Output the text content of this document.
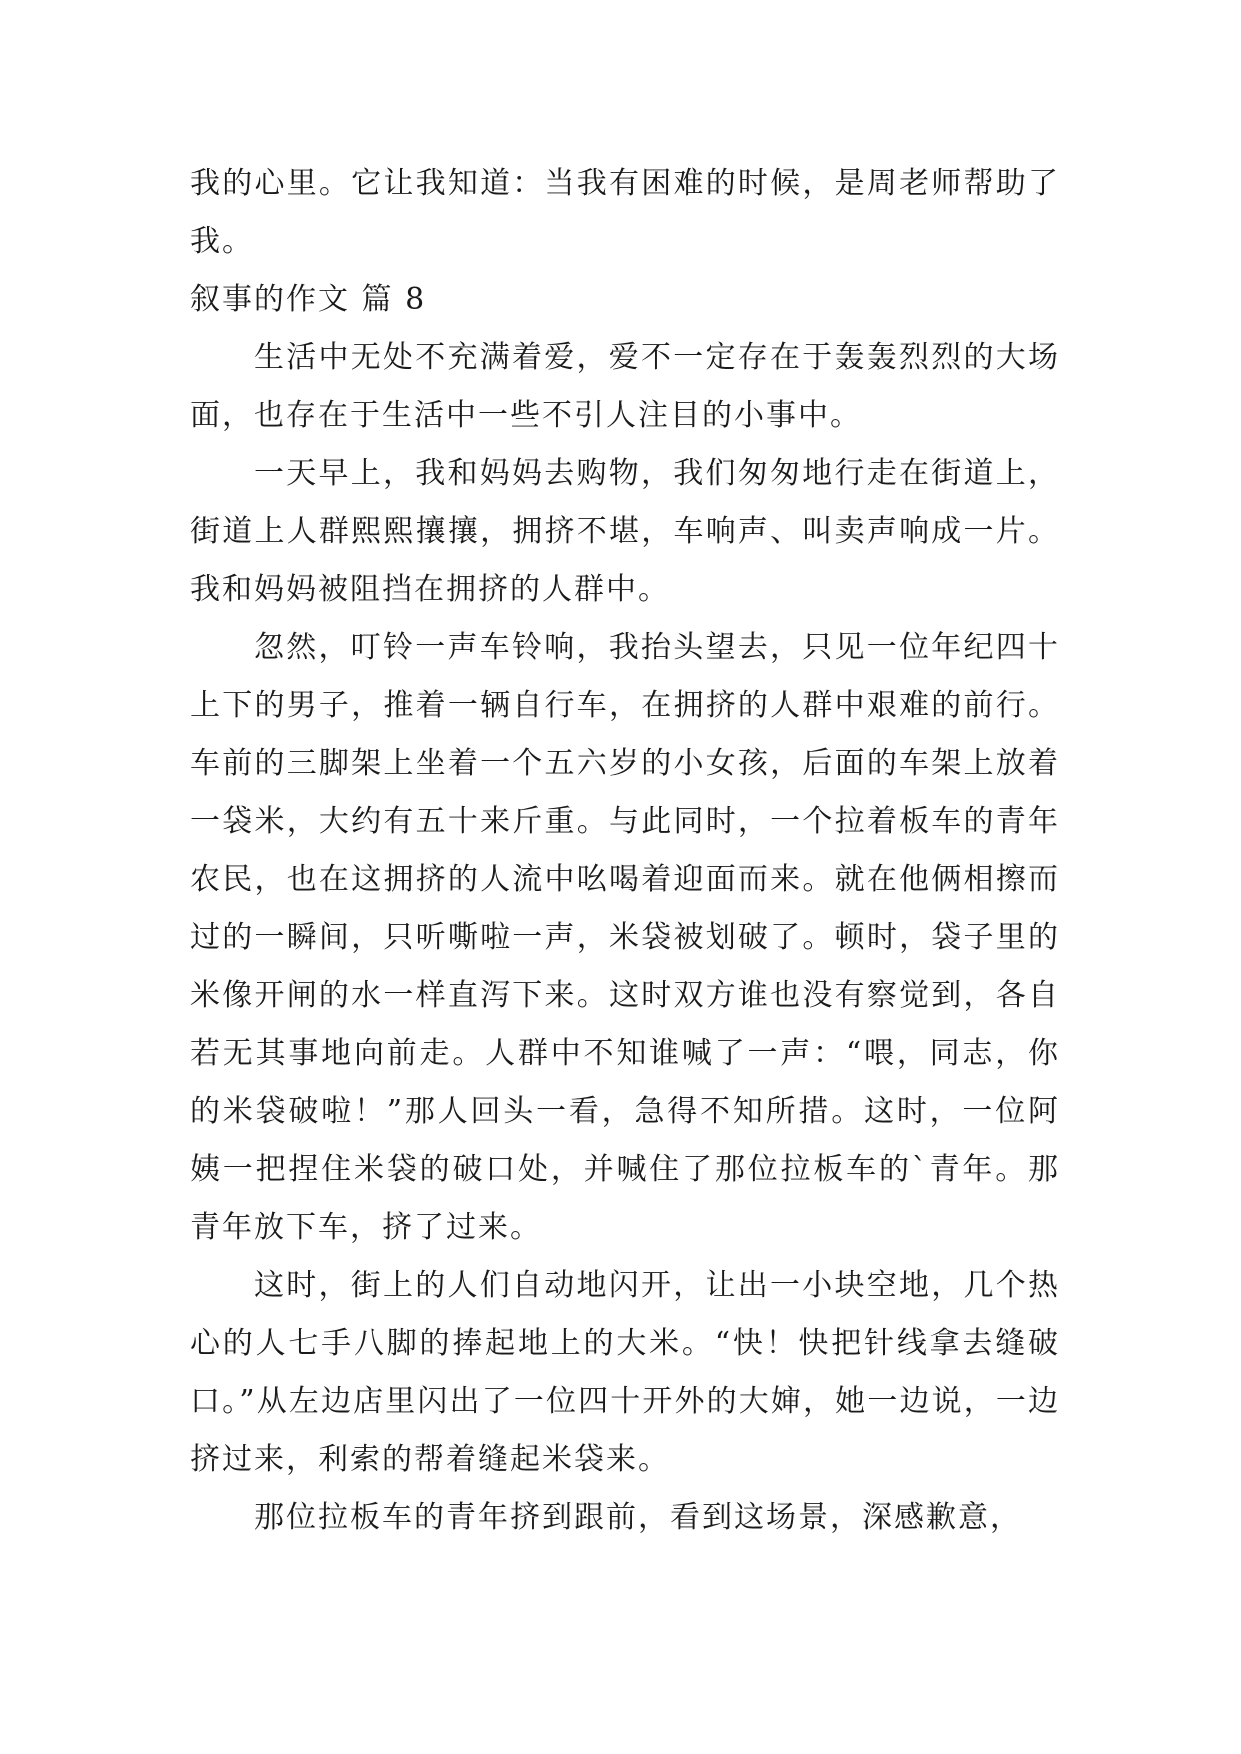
我的心里。它让我知道：当我有困难的时候，是周老师帮助了我。

叙事的作文 篇 8

生活中无处不充满着爱，爱不一定存在于轰轰烈烈的大场面，也存在于生活中一些不引人注目的小事中。

一天早上，我和妈妈去购物，我们匆匆地行走在街道上，街道上人群熙熙攘攘，拥挤不堪，车响声、叫卖声响成一片。我和妈妈被阻挡在拥挤的人群中。

忽然，叮铃一声车铃响，我抬头望去，只见一位年纪四十上下的男子，推着一辆自行车，在拥挤的人群中艰难的前行。车前的三脚架上坐着一个五六岁的小女孩，后面的车架上放着一袋米，大约有五十来斤重。与此同时，一个拉着板车的青年农民，也在这拥挤的人流中吆喝着迎面而来。就在他俩相擦而过的一瞬间，只听嘶啦一声，米袋被划破了。顿时，袋子里的米像开闸的水一样直泻下来。这时双方谁也没有察觉到，各自若无其事地向前走。人群中不知谁喊了一声：“喂，同志，你的米袋破啦！”那人回头一看，急得不知所措。这时，一位阿姨一把捏住米袋的破口处，并喊住了那位拉板车的`青年。那青年放下车，挤了过来。

这时，街上的人们自动地闪开，让出一小块空地，几个热心的人七手八脚的捧起地上的大米。“快！快把针线拿去缝破口。”从左边店里闪出了一位四十开外的大婶，她一边说，一边挤过来，利索的帮着缝起米袋来。

那位拉板车的青年挤到跟前，看到这场景，深感歉意，
